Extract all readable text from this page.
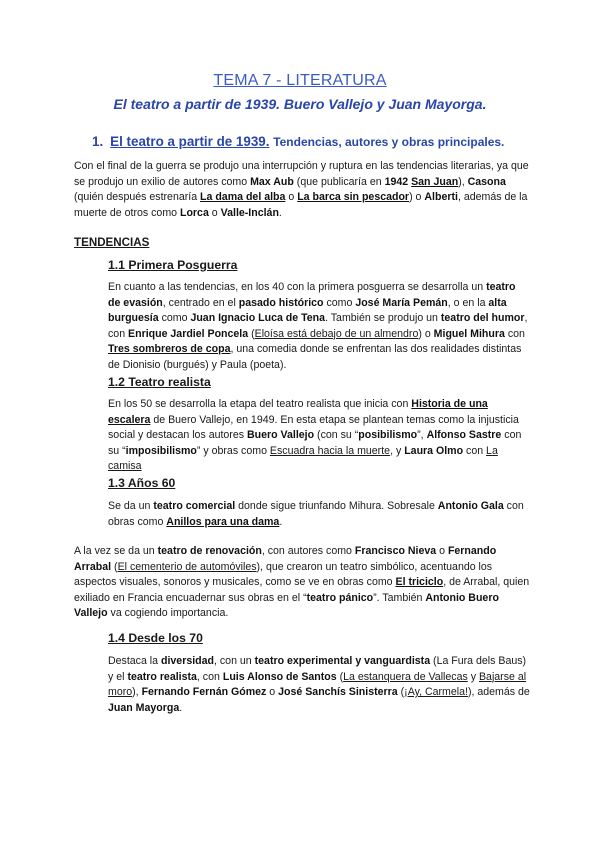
TEMA 7 - LITERATURA
El teatro a partir de 1939. Buero Vallejo y Juan Mayorga.
1. El teatro a partir de 1939. Tendencias, autores y obras principales.

Con el final de la guerra se produjo una interrupción y ruptura en las tendencias literarias, ya que se produjo un exilio de autores como Max Aub (que publicaría en 1942 San Juan), Casona (quién después estrenaría La dama del alba o La barca sin pescador) o Alberti, además de la muerte de otros como Lorca o Valle-Inclán.

TENDENCIAS
1.1 Primera Posguerra

En cuanto a las tendencias, en los 40 con la primera posguerra se desarrolla un teatro de evasión, centrado en el pasado histórico como José María Pemán, o en la alta burguesía como Juan Ignacio Luca de Tena. También se produjo un teatro del humor, con Enrique Jardiel Poncela (Eloísa está debajo de un almendro) o Miguel Mihura con Tres sombreros de copa, una comedia donde se enfrentan las dos realidades distintas de Dionisio (burgués) y Paula (poeta).

1.2 Teatro realista

En los 50 se desarrolla la etapa del teatro realista que inicia con Historia de una escalera de Buero Vallejo, en 1949. En esta etapa se plantean temas como la injusticia social y destacan los autores Buero Vallejo (con su “posibilismo”, Alfonso Sastre con su “imposibilismo” y obras como Escuadra hacia la muerte, y Laura Olmo con La camisa

1.3 Años 60

Se da un teatro comercial donde sigue triunfando Mihura. Sobresale Antonio Gala con obras como Anillos para una dama.

A la vez se da un teatro de renovación, con autores como Francisco Nieva o Fernando Arrabal (El cementerio de automóviles), que crearon un teatro simbólico, acentuando los aspectos visuales, sonoros y musicales, como se ve en obras como El triciclo, de Arrabal, quien exiliado en Francia encuadernar sus obras en el “teatro pánico”. También Antonio Buero Vallejo va cogiendo importancia.

1.4 Desde los 70

Destaca la diversidad, con un teatro experimental y vanguardista (La Fura dels Baus) y el teatro realista, con Luis Alonso de Santos (La estanquera de Vallecas y Bajarse al moro), Fernando Fernán Gómez o José Sanchís Sinisterra (¡Ay, Carmela!), además de Juan Mayorga.
